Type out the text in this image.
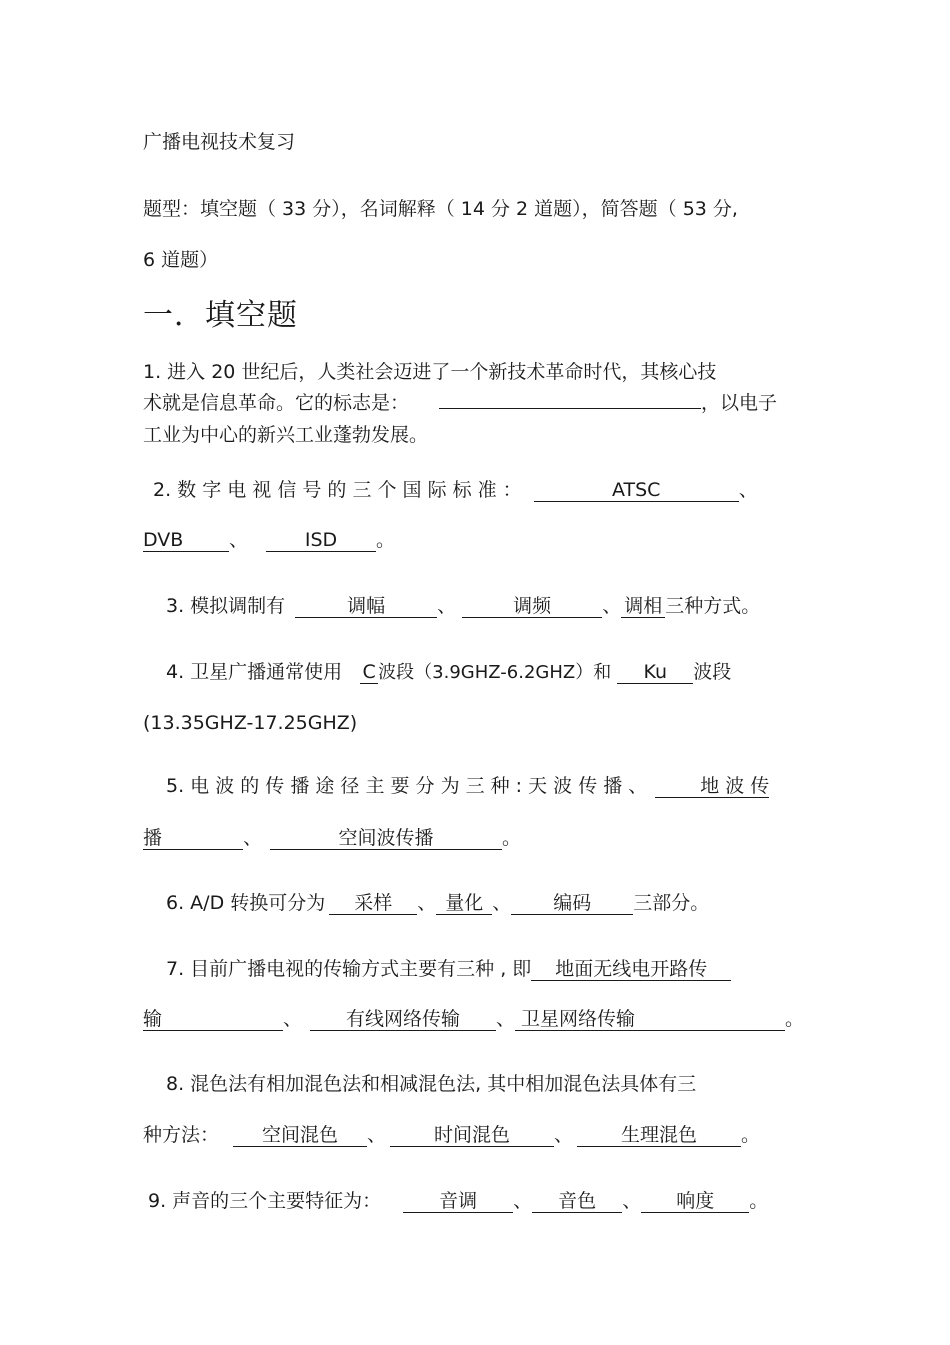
广播电视技术复习
题型：填空题（ 33 分），名词解释（ 14 分 2 道题），简答题（ 53 分,
6 道题）
一．填空题
1. 进入 20 世纪后，人类社会迈进了一个新技术革命时代，其核心技
术就是信息革命。它的标志是：	，以电子
工业为中心的新兴工业蓬勃发展。
2. 数 字 电 视 信 号 的 三 个 国 际 标 准 ：	ATSC	、
DVB 、	ISD 。
3. 模拟调制有	调幅	、	调频	、 调相 三种方式。
4. 卫星广播通常使用 C 波段（3.9GHZ-6.2GHZ）和 Ku 波段
(13.35GHZ-17.25GHZ)
5. 电 波 的 传 播 途 径 主 要 分 为 三 种 : 天 波 传 播 、	地 波 传
播	、	空间波传播	。
6. A/D 转换可分为 采样 、 量化 、 编码 三部分。
7. 目前广播电视的传输方式主要有三种 , 即 地面无线电开路传
输	、 有线网络传输 、 卫星网络传输	。
8. 混色法有相加混色法和相减混色法, 其中相加混色法具体有三
种方法： 空间混色 、	时间混色 、	生理混色 。
9. 声音的三个主要特征为：	音调 、 音色 、 响度 。
